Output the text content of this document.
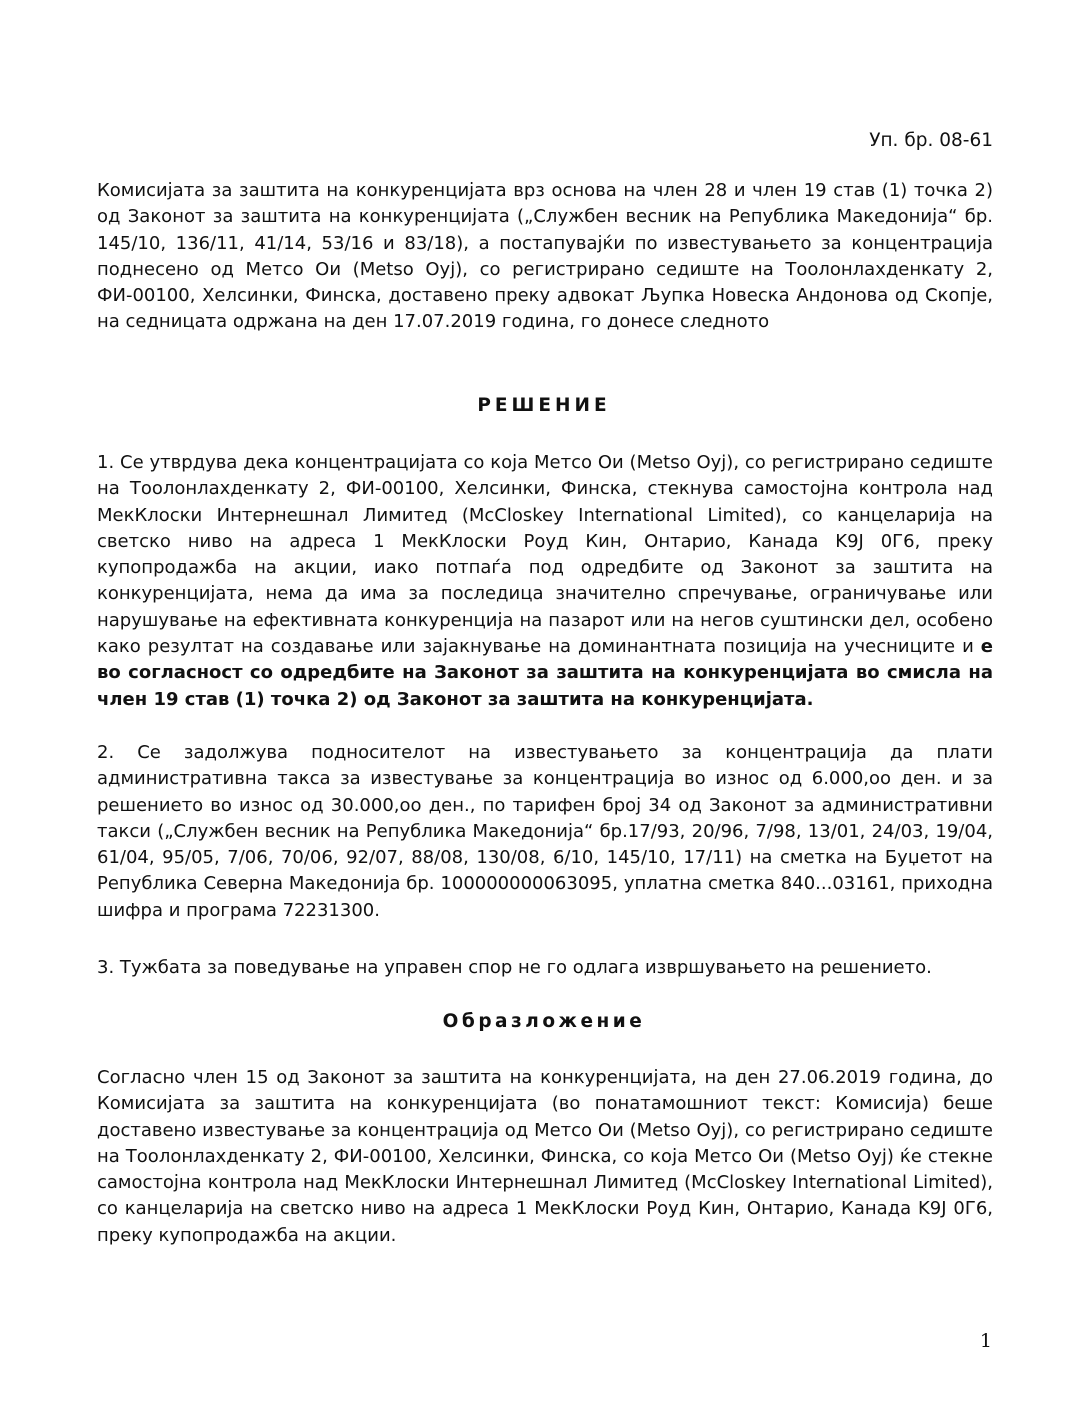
Уп. бр. 08-61

Комисијата за заштита на конкуренцијата врз основа на член 28 и член 19 став (1) точка 2) од Законот за заштита на конкуренцијата („Службен весник на Република Македонија“ бр. 145/10, 136/11, 41/14, 53/16 и 83/18), а постапувајќи по известувањето за концентрација поднесено од Метсо Ои (Metso Oyj), со регистрирано седиште на Тоолонлахденкату 2, ФИ-00100, Хелсинки, Финска, доставено преку адвокат Љупка Новеска Андонова од Скопје, на седницата одржана на ден 17.07.2019 година, го донесе следното

РЕШЕНИЕ

1. Се утврдува дека концентрацијата со која Метсо Ои (Metso Oyj), со регистрирано седиште на Тоолонлахденкату 2, ФИ-00100, Хелсинки, Финска, стекнува самостојна контрола над МекКлоски Интернешнал Лимитед (McCloskey International Limited), со канцеларија на светско ниво на адреса 1 МекКлоски Роуд Кин, Онтарио, Канада K9J 0Г6, преку купопродажба на акции, иако потпаѓа под одредбите од Законот за заштита на конкуренцијата, нема да има за последица значително спречување, ограничување или нарушување на ефективната конкуренција на пазарот или на негов суштински дел, особено како резултат на создавање или зајакнување на доминантната позиција на учесниците и е во согласност со одредбите на Законот за заштита на конкуренцијата во смисла на член 19 став (1) точка 2) од Законот за заштита на конкуренцијата.

2. Се задолжува подносителот на известувањето за концентрација да плати административна такса за известување за концентрација во износ од 6.000,оо ден. и за решението во износ од 30.000,оо ден., по тарифен број 34 од Законот за административни такси („Службен весник на Република Македонија“ бр.17/93, 20/96, 7/98, 13/01, 24/03, 19/04, 61/04, 95/05, 7/06, 70/06, 92/07, 88/08, 130/08, 6/10, 145/10, 17/11) на сметка на Буџетот на Република Северна Македонија бр. 100000000063095, уплатна сметка 840...03161, приходна шифра и програма 72231300.

3. Тужбата за поведување на управен спор не го одлага извршувањето на решението.

Образложение

Согласно член 15 од Законот за заштита на конкуренцијата, на ден 27.06.2019 година, до Комисијата за заштита на конкуренцијата (во понатамошниот текст: Комисија) беше доставено известување за концентрација од Метсо Ои (Metso Oyj), со регистрирано седиште на Тоолонлахденкату 2, ФИ-00100, Хелсинки, Финска, со која Метсо Ои (Metso Oyj) ќе стекне самостојна контрола над МекКлоски Интернешнал Лимитед (McCloskey International Limited), со канцеларија на светско ниво на адреса 1 МекКлоски Роуд Кин, Онтарио, Канада K9J 0Г6, преку купопродажба на акции.

1
